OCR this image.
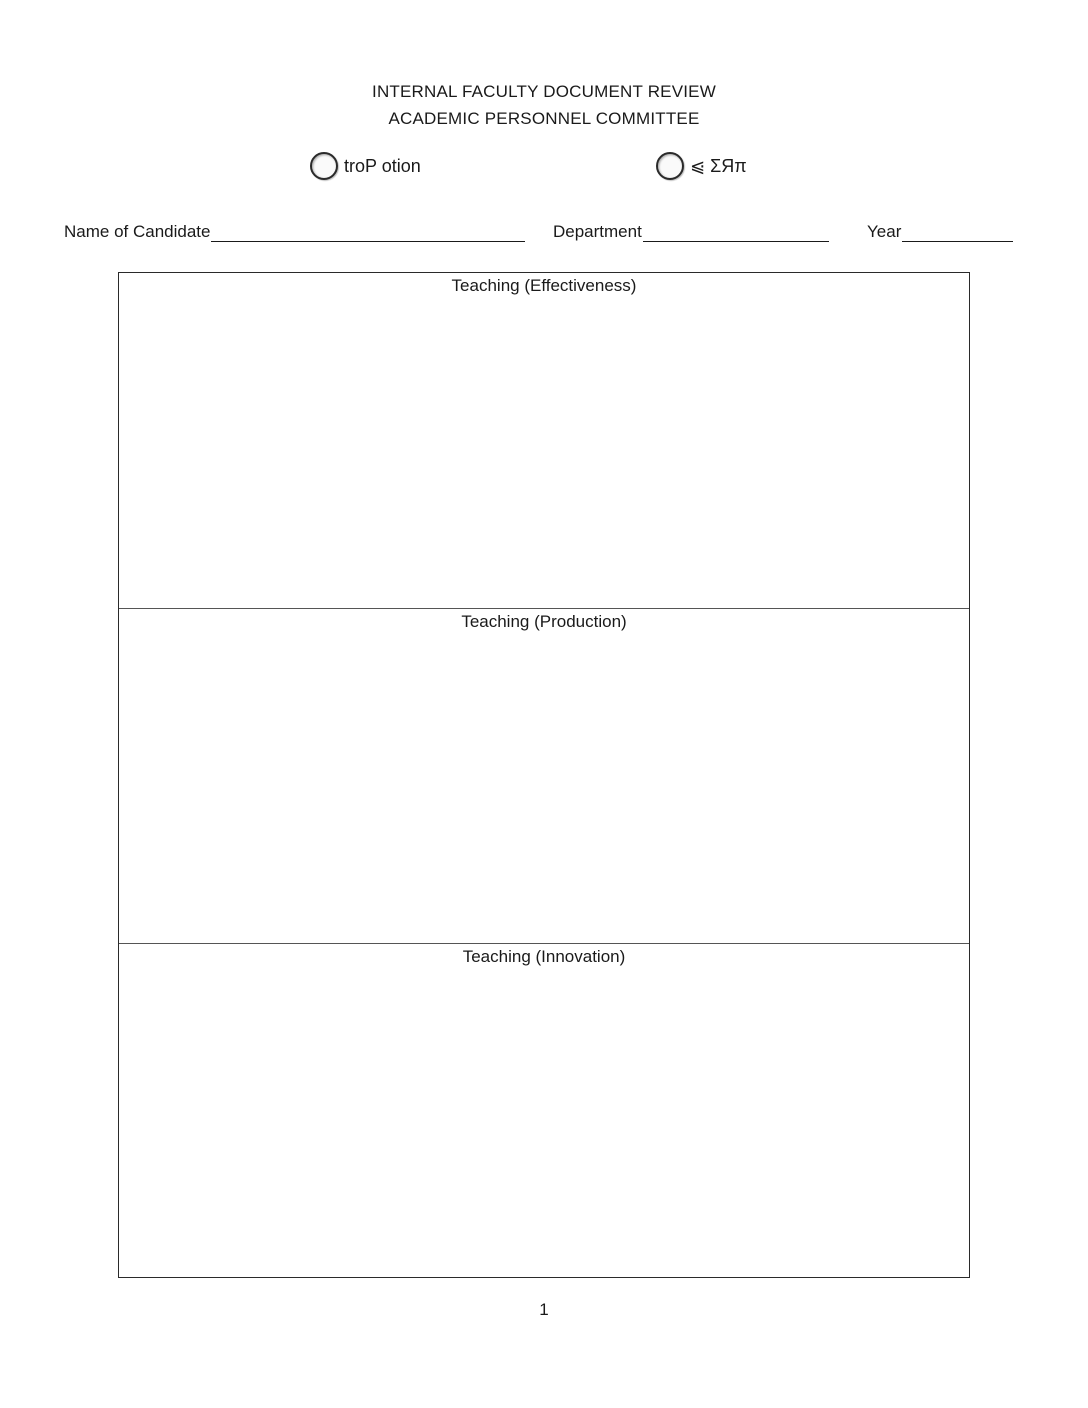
INTERNAL FACULTY DOCUMENT REVIEW
ACADEMIC PERSONNEL COMMITTEE
troP otion	⩿ ΣЯπ
Name of Candidate	Department	Year
Teaching (Effectiveness)
Teaching (Production)
Teaching (Innovation)
1
